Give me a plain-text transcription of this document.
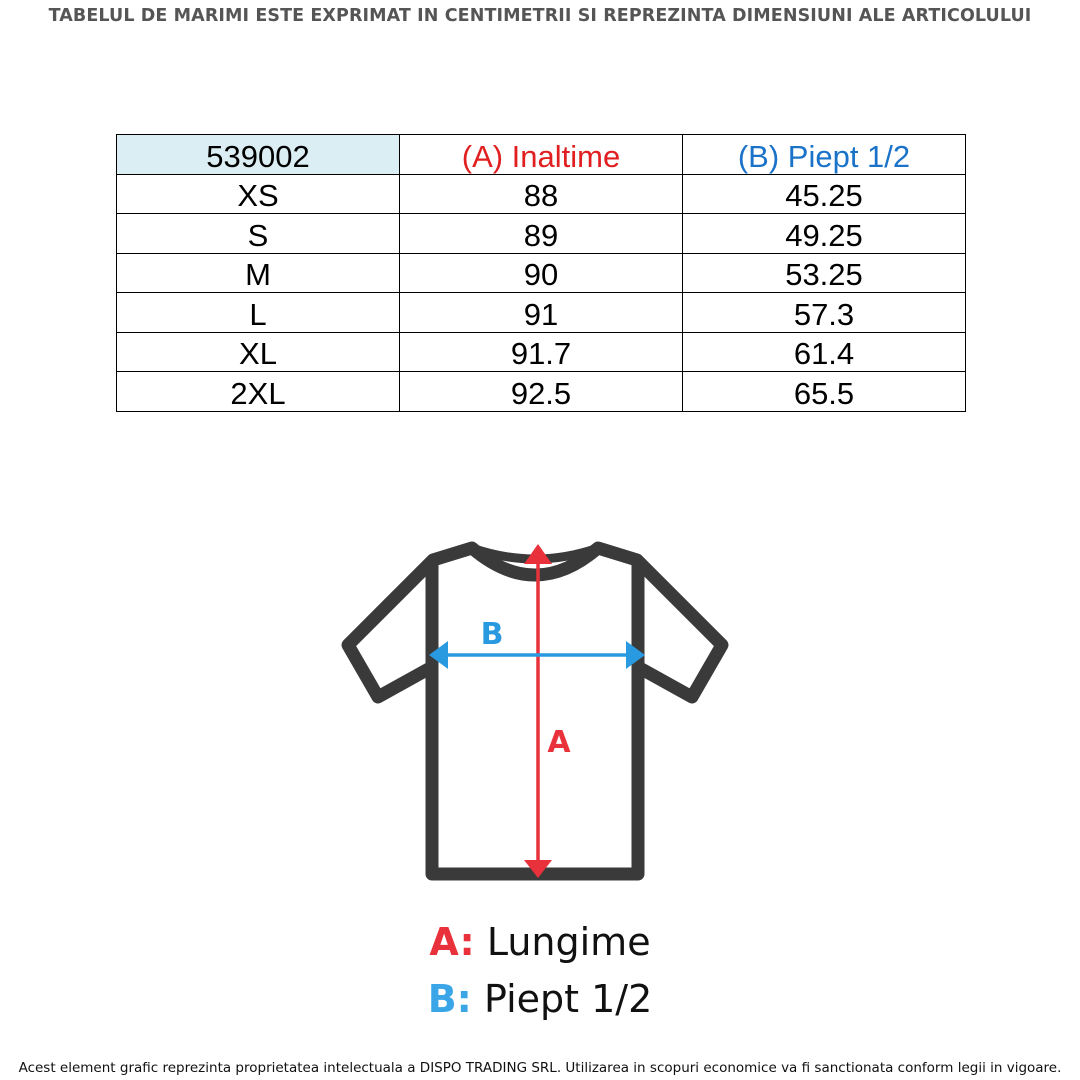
TABELUL DE MARIMI ESTE EXPRIMAT IN CENTIMETRII SI REPREZINTA DIMENSIUNI ALE ARTICOLULUI
539002	(A) Inaltime	(B) Piept 1/2
XS	88	45.25
S	89	49.25
M	90	53.25
L	91	57.3
XL	91.7	61.4
2XL	92.5	65.5
B
A
A: Lungime
B: Piept 1/2
Acest element grafic reprezinta proprietatea intelectuala a DISPO TRADING SRL. Utilizarea in scopuri economice va fi sanctionata conform legii in vigoare.
